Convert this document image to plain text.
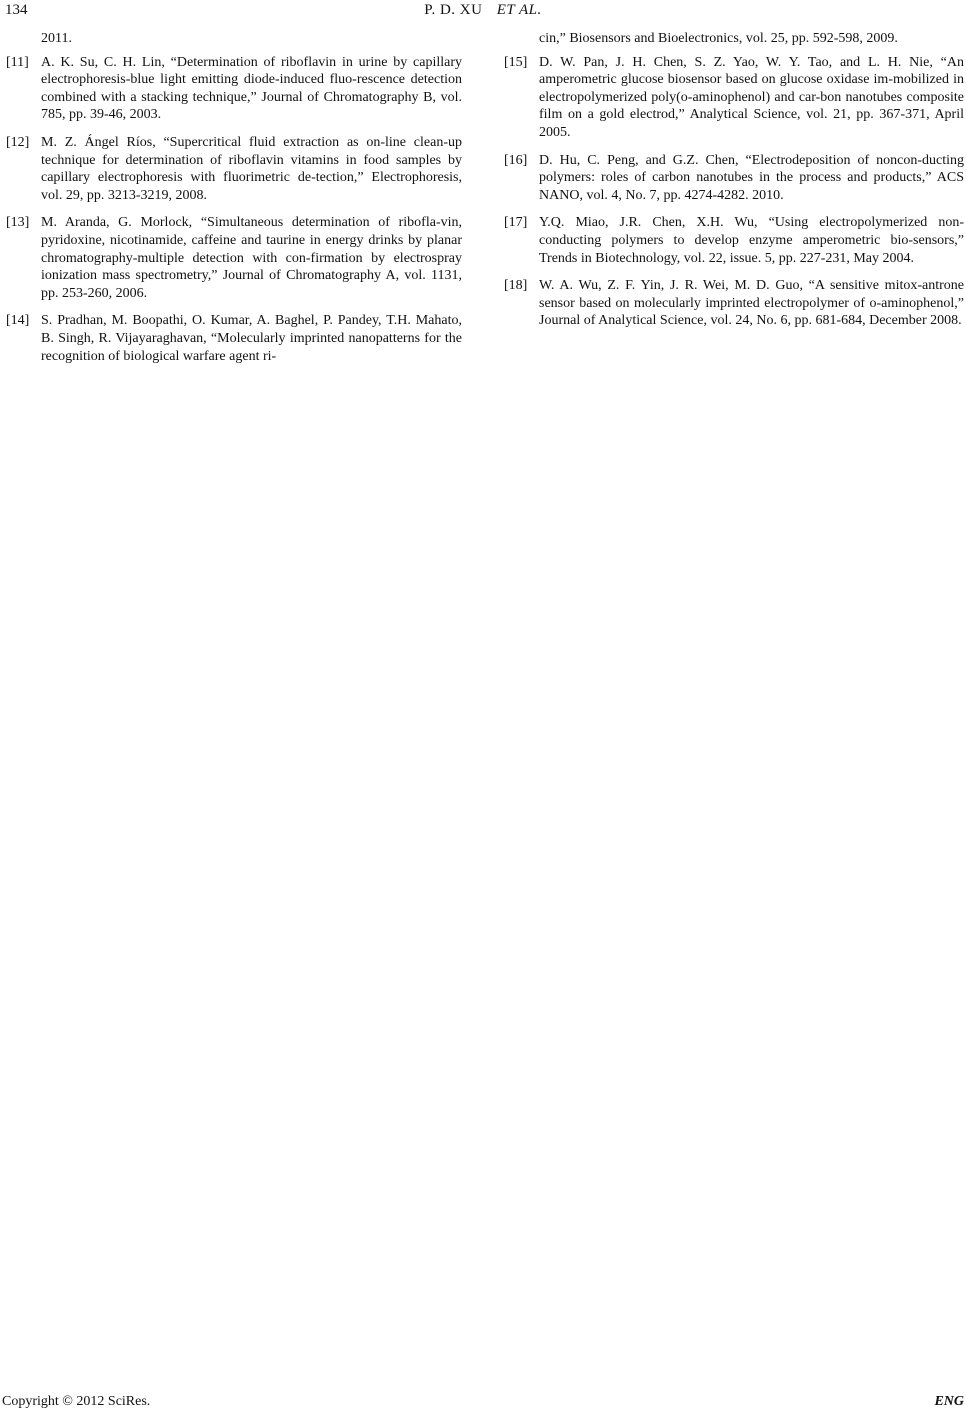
134	P. D. XU ET AL.
2011.
[11] A. K. Su, C. H. Lin, “Determination of riboflavin in urine by capillary electrophoresis-blue light emitting diode-induced fluo-rescence detection combined with a stacking technique,” Journal of Chromatography B, vol. 785, pp. 39-46, 2003.
[12] M. Z. Ángel Ríos, “Supercritical fluid extraction as on-line clean-up technique for determination of riboflavin vitamins in food samples by capillary electrophoresis with fluorimetric de-tection,” Electrophoresis, vol. 29, pp. 3213-3219, 2008.
[13] M. Aranda, G. Morlock, “Simultaneous determination of ribofla-vin, pyridoxine, nicotinamide, caffeine and taurine in energy drinks by planar chromatography-multiple detection with con-firmation by electrospray ionization mass spectrometry,” Journal of Chromatography A, vol. 1131, pp. 253-260, 2006.
[14] S. Pradhan, M. Boopathi, O. Kumar, A. Baghel, P. Pandey, T.H. Mahato, B. Singh, R. Vijayaraghavan, “Molecularly imprinted nanopatterns for the recognition of biological warfare agent ri-
cin,” Biosensors and Bioelectronics, vol. 25, pp. 592-598, 2009.
[15] D. W. Pan, J. H. Chen, S. Z. Yao, W. Y. Tao, and L. H. Nie, “An amperometric glucose biosensor based on glucose oxidase im-mobilized in electropolymerized poly(o-aminophenol) and car-bon nanotubes composite film on a gold electrod,” Analytical Science, vol. 21, pp. 367-371, April 2005.
[16] D. Hu, C. Peng, and G.Z. Chen, “Electrodeposition of noncon-ducting polymers: roles of carbon nanotubes in the process and products,” ACS NANO, vol. 4, No. 7, pp. 4274-4282. 2010.
[17] Y.Q. Miao, J.R. Chen, X.H. Wu, “Using electropolymerized non-conducting polymers to develop enzyme amperometric bio-sensors,” Trends in Biotechnology, vol. 22, issue. 5, pp. 227-231, May 2004.
[18] W. A. Wu, Z. F. Yin, J. R. Wei, M. D. Guo, “A sensitive mitox-antrone sensor based on molecularly imprinted electropolymer of o-aminophenol,” Journal of Analytical Science, vol. 24, No. 6, pp. 681-684, December 2008.
Copyright © 2012 SciRes.	ENG
